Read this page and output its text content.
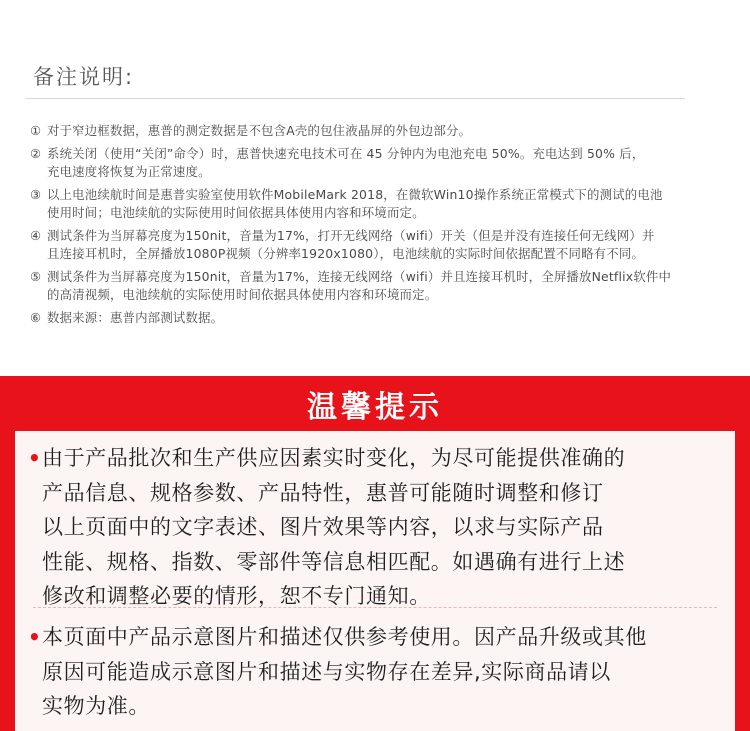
备注说明:
① 对于窄边框数据，惠普的测定数据是不包含A壳的包住液晶屏的外包边部分。
② 系统关闭（使用“关闭”命令）时，惠普快速充电技术可在 45 分钟内为电池充电 50%。充电达到 50% 后，
充电速度将恢复为正常速度。
③ 以上电池续航时间是惠普实验室使用软件MobileMark 2018，在微软Win10操作系统正常模式下的测试的电池
使用时间；电池续航的实际使用时间依据具体使用内容和环境而定。
④ 测试条件为当屏幕亮度为150nit，音量为17%，打开无线网络（wifi）开关（但是并没有连接任何无线网）并
且连接耳机时，全屏播放1080P视频（分辨率1920x1080），电池续航的实际时间依据配置不同略有不同。
⑤ 测试条件为当屏幕亮度为150nit，音量为17%，连接无线网络（wifi）并且连接耳机时，全屏播放Netflix软件中
的高清视频，电池续航的实际使用时间依据具体使用内容和环境而定。
⑥ 数据来源：惠普内部测试数据。
温馨提示
• 由于产品批次和生产供应因素实时变化，为尽可能提供准确的
产品信息、规格参数、产品特性，惠普可能随时调整和修订
以上页面中的文字表述、图片效果等内容，以求与实际产品
性能、规格、指数、零部件等信息相匹配。如遇确有进行上述
修改和调整必要的情形，恕不专门通知。
• 本页面中产品示意图片和描述仅供参考使用。因产品升级或其他
原因可能造成示意图片和描述与实物存在差异,实际商品请以
实物为准。
